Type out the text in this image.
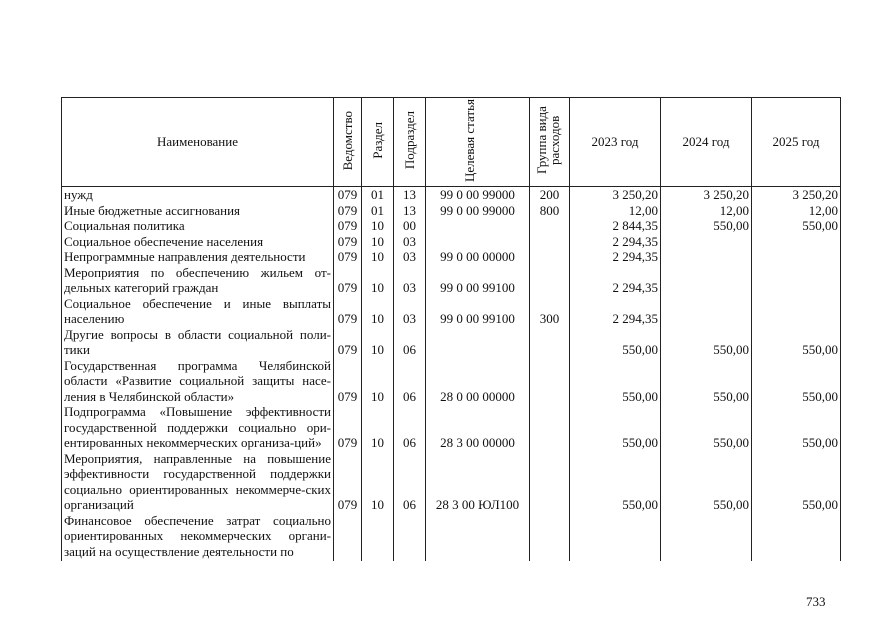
Наименование	Ведомство	Раздел	Подраздел	Целевая статья	Группа вида расходов	2023 год	2024 год	2025 год
нужд	079	01	13	99 0 00 99000	200	3 250,20	3 250,20	3 250,20
Иные бюджетные ассигнования	079	01	13	99 0 00 99000	800	12,00	12,00	12,00
Социальная политика	079	10	00			2 844,35	550,00	550,00
Социальное обеспечение населения	079	10	03			2 294,35		
Непрограммные направления деятельности	079	10	03	99 0 00 00000		2 294,35		
Мероприятия по обеспечению жильем от-дельных категорий граждан	079	10	03	99 0 00 99100		2 294,35		
Социальное обеспечение и иные выплаты населению	079	10	03	99 0 00 99100	300	2 294,35		
Другие вопросы в области социальной поли-тики	079	10	06			550,00	550,00	550,00
Государственная программа Челябинской области «Развитие социальной защиты насе-ления в Челябинской области»	079	10	06	28 0 00 00000		550,00	550,00	550,00
Подпрограмма «Повышение эффективности государственной поддержки социально ори-ентированных некоммерческих организа-ций»	079	10	06	28 3 00 00000		550,00	550,00	550,00
Мероприятия, направленные на повышение эффективности государственной поддержки социально ориентированных некоммерче-ских организаций	079	10	06	28 3 00 ЮЛ100		550,00	550,00	550,00
Финансовое обеспечение затрат социально ориентированных некоммерческих органи-заций на осуществление деятельности по								
733
